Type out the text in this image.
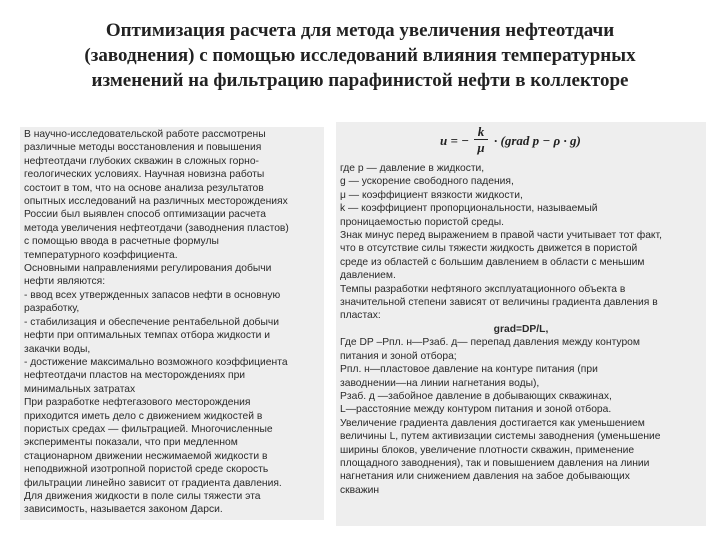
Оптимизация расчета для метода увеличения нефтеотдачи
(заводнения) с помощью исследований влияния температурных
изменений на фильтрацию парафинистой нефти в коллекторе
В научно-исследовательской работе рассмотрены
различные методы восстановления и повышения
нефтеотдачи глубоких скважин в сложных горно-
геологических условиях. Научная новизна работы
состоит в том, что на основе анализа результатов
опытных исследований на различных месторождениях
России был выявлен способ оптимизации расчета
метода увеличения нефтеотдачи (заводнения пластов)
с помощью ввода в расчетные формулы
температурного коэффициента.
Основными направлениями регулирования добычи
нефти являются:
- ввод всех утвержденных запасов нефти в основную
разработку,
- стабилизация и обеспечение рентабельной добычи
нефти при оптимальных темпах отбора жидкости и
закачки воды,
- достижение максимально возможного коэффициента
нефтеотдачи пластов на месторождениях при
минимальных затратах
При разработке нефтегазового месторождения
приходится иметь дело с движением жидкостей в
пористых средах — фильтрацией. Многочисленные
эксперименты показали, что при медленном
стационарном движении несжимаемой жидкости в
неподвижной изотропной пористой среде скорость
фильтрации линейно зависит от градиента давления.
Для движения жидкости в поле силы тяжести эта
зависимость, называется законом Дарси.
u = − $\frac{k}{\mu}$ · (grad p − ρ · g)
где p — давление в жидкости,
g — ускорение свободного падения,
μ — коэффициент вязкости жидкости,
k — коэффициент пропорциональности, называемый
проницаемостью пористой среды.
Знак минус перед выражением в правой части учитывает тот факт,
что в отсутствие силы тяжести жидкость движется в пористой
среде из областей с большим давлением в области с меньшим
давлением.
Темпы разработки нефтяного эксплуатационного объекта в
значительной степени зависят от величины градиента давления в
пластах:
grad=DP/L,
Где DP –Рпл. н—Рзаб. д— перепад давления между контуром
питания и зоной отбора;
Рпл. н—пластовое давление на контуре питания (при
заводнении—на линии нагнетания воды),
Рзаб. д —забойное давление в добывающих скважинах,
L—расстояние между контуром питания и зоной отбора.
Увеличение градиента давления достигается как уменьшением
величины L, путем активизации системы заводнения (уменьшение
ширины блоков, увеличение плотности скважин, применение
площадного заводнения), так и повышением давления на линии
нагнетания или снижением давления на забое добывающих
скважин
